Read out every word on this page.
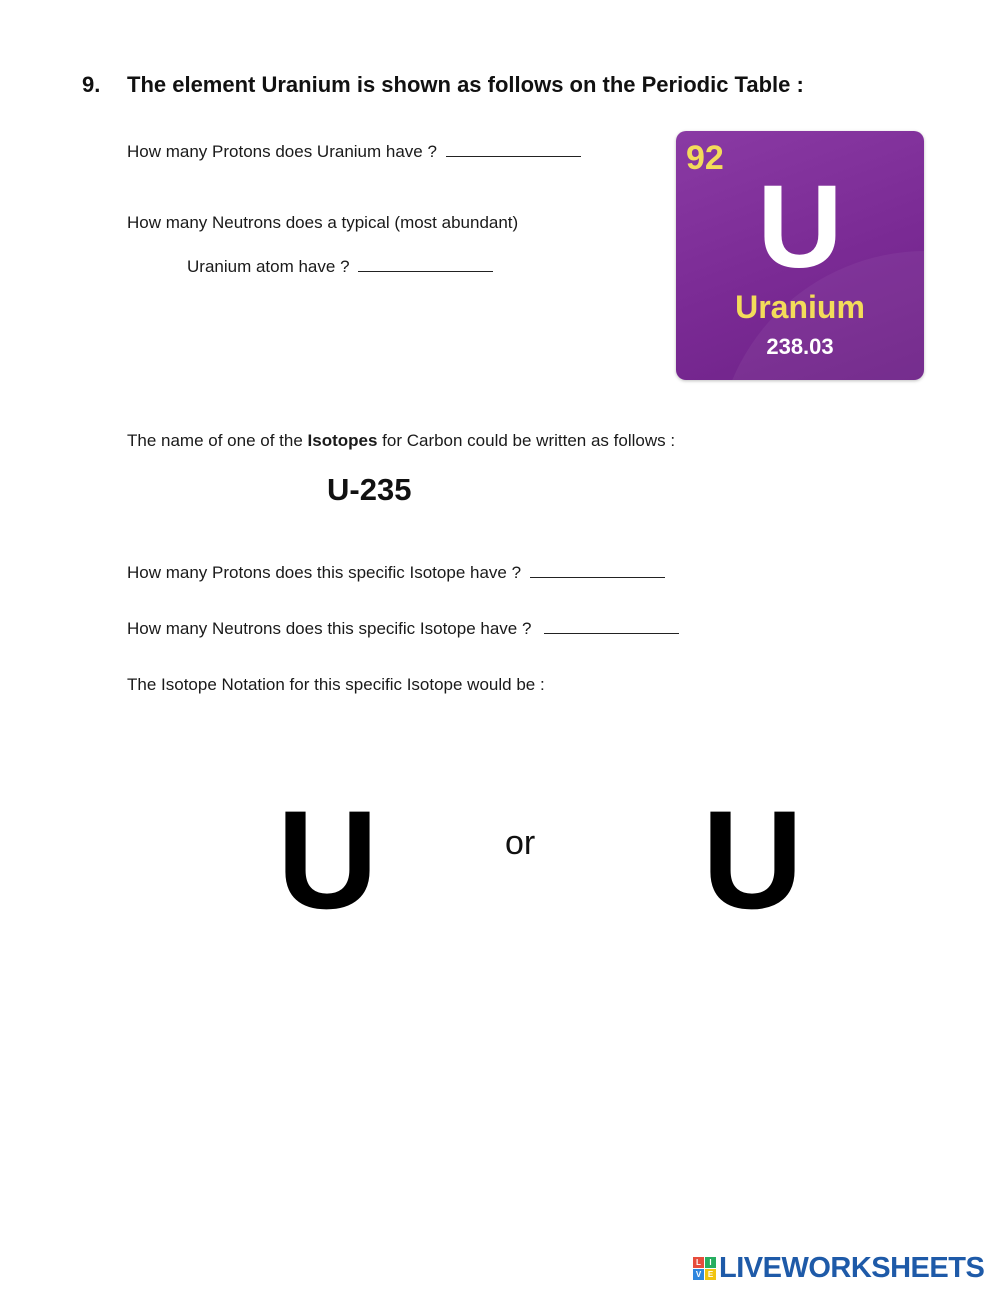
9. The element Uranium is shown as follows on the Periodic Table :
How many Protons does Uranium have ?
How many Neutrons does a typical (most abundant)
Uranium atom have ?
92
U
Uranium
238.03
The name of one of the Isotopes for Carbon could be written as follows :
U-235
How many Protons does this specific Isotope have ?
How many Neutrons does this specific Isotope have ?
The Isotope Notation for this specific Isotope would be :
U	or U
L	I
V E LIVEWORKSHEETS
